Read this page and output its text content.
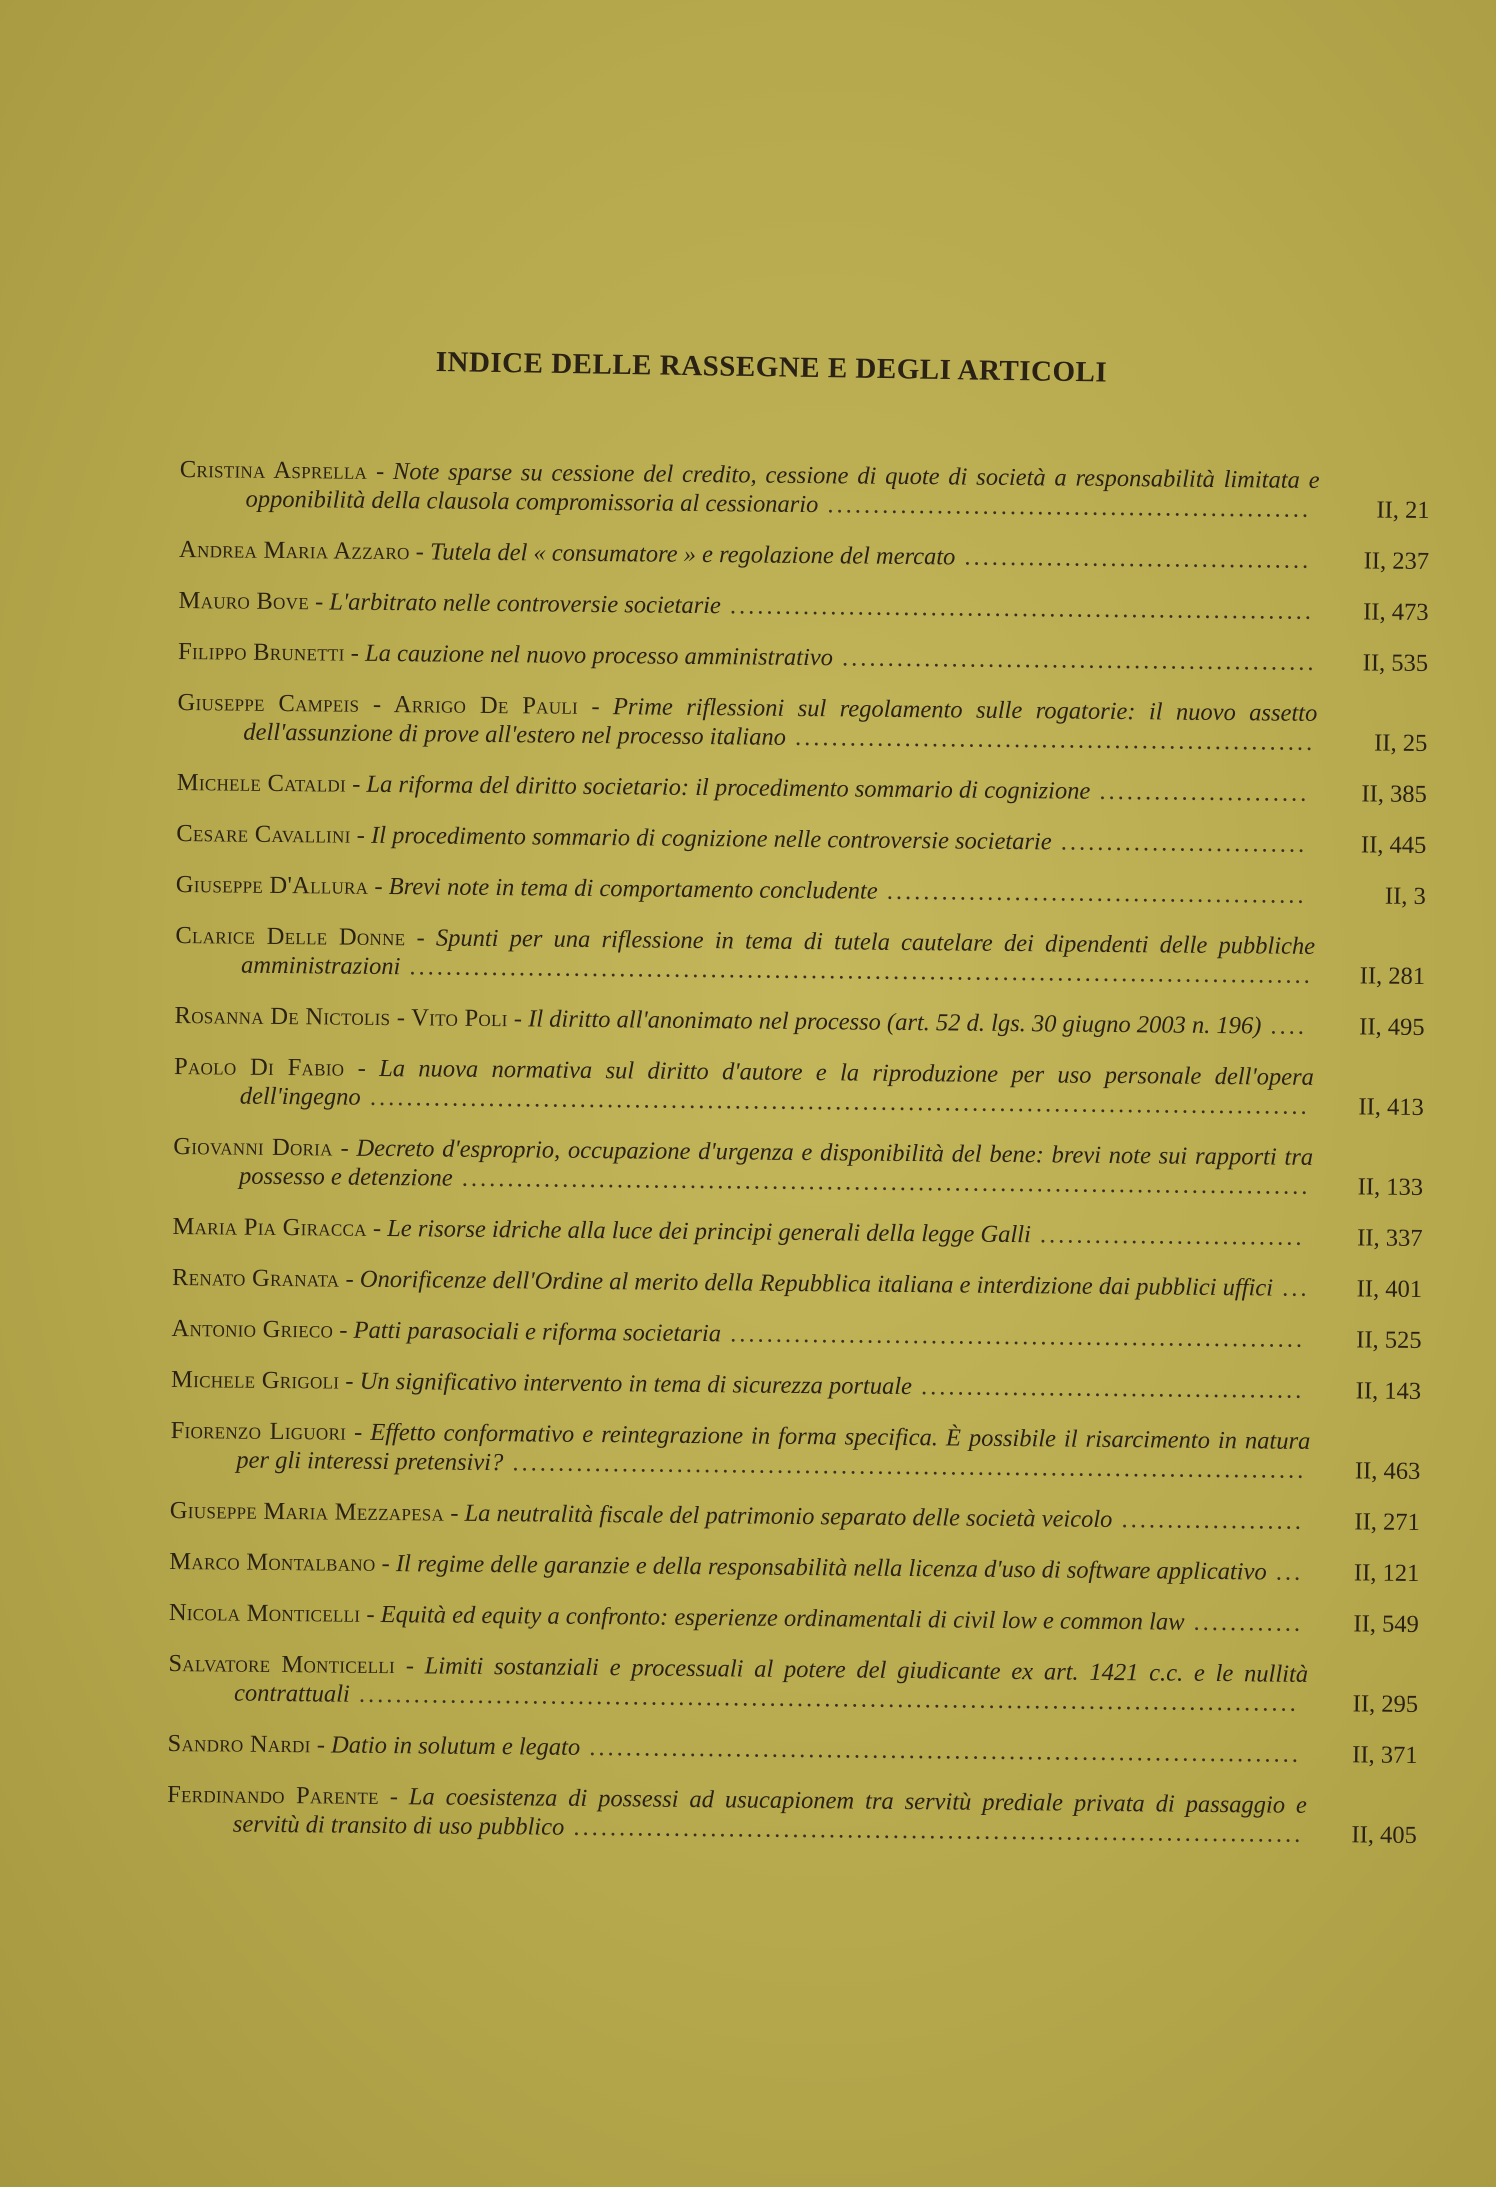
INDICE DELLE RASSEGNE E DEGLI ARTICOLI
Cristina Asprella - Note sparse su cessione del credito, cessione di quote di società a responsabilità limitata e opponibilità della clausola compromissoria al cessionario .....................................................	II, 21
Andrea Maria Azzaro - Tutela del « consumatore » e regolazione del mercato ......................................	II, 237
Mauro Bove - L'arbitrato nelle controversie societarie ................................................................	II, 473
Filippo Brunetti - La cauzione nel nuovo processo amministrativo ....................................................	II, 535
Giuseppe Campeis - Arrigo De Pauli - Prime riflessioni sul regolamento sulle rogatorie: il nuovo assetto dell'assunzione di prove all'estero nel processo italiano .........................................................	II, 25
Michele Cataldi - La riforma del diritto societario: il procedimento sommario di cognizione .......................	II, 385
Cesare Cavallini - Il procedimento sommario di cognizione nelle controversie societarie ...........................	II, 445
Giuseppe D'Allura - Brevi note in tema di comportamento concludente ..............................................	II, 3
Clarice Delle Donne - Spunti per una riflessione in tema di tutela cautelare dei dipendenti delle pubbliche amministrazioni ...................................................................................................	II, 281
Rosanna De Nictolis - Vito Poli - Il diritto all'anonimato nel processo (art. 52 d. lgs. 30 giugno 2003 n. 196) ....	II, 495
Paolo Di Fabio - La nuova normativa sul diritto d'autore e la riproduzione per uso personale dell'opera dell'ingegno .......................................................................................................	II, 413
Giovanni Doria - Decreto d'esproprio, occupazione d'urgenza e disponibilità del bene: brevi note sui rapporti tra possesso e detenzione .............................................................................................	II, 133
Maria Pia Giracca - Le risorse idriche alla luce dei principi generali della legge Galli .............................	II, 337
Renato Granata - Onorificenze dell'Ordine al merito della Repubblica italiana e interdizione dai pubblici uffici ...	II, 401
Antonio Grieco - Patti parasociali e riforma societaria ...............................................................	II, 525
Michele Grigoli - Un significativo intervento in tema di sicurezza portuale ..........................................	II, 143
Fiorenzo Liguori - Effetto conformativo e reintegrazione in forma specifica. È possibile il risarcimento in natura per gli interessi pretensivi? .......................................................................................	II, 463
Giuseppe Maria Mezzapesa - La neutralità fiscale del patrimonio separato delle società veicolo ....................	II, 271
Marco Montalbano - Il regime delle garanzie e della responsabilità nella licenza d'uso di software applicativo ...	II, 121
Nicola Monticelli - Equità ed equity a confronto: esperienze ordinamentali di civil low e common law ............	II, 549
Salvatore Monticelli - Limiti sostanziali e processuali al potere del giudicante ex art. 1421 c.c. e le nullità contrattuali .......................................................................................................	II, 295
Sandro Nardi - Datio in solutum e legato ..............................................................................	II, 371
Ferdinando Parente - La coesistenza di possessi ad usucapionem tra servitù prediale privata di passaggio e servitù di transito di uso pubblico ................................................................................	II, 405
